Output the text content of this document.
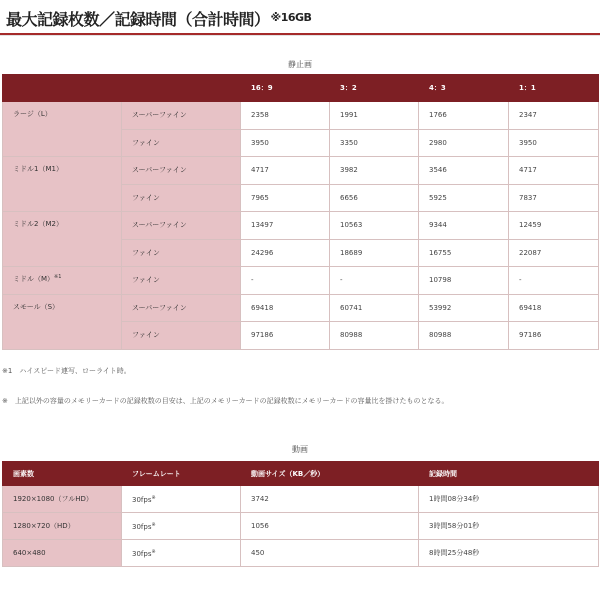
最大記録枚数／記録時間（合計時間）$^{※16GB}$
静止画
		16：9	3：2	4：3	1：1
ラージ（L）	スーパーファイン	2358	1991	1766	2347
	ファイン	3950	3350	2980	3950
ミドル1（M1）	スーパーファイン	4717	3982	3546	4717
	ファイン	7965	6656	5925	7837
ミドル2（M2）	スーパーファイン	13497	10563	9344	12459
	ファイン	24296	18689	16755	22087
ミドル$(M)^{※1}$	ファイン	-	-	10798	-
スモール（S）	スーパーファイン	69418	60741	53992	69418
	ファイン	97186	80988	80988	97186
※1　ハイスピード連写、ローライト時。
※　上記以外の容量のメモリーカードの記録枚数の目安は、上記のメモリーカードの記録枚数にメモリーカードの容量比を掛けたものとなる。
動画
画素数	フレームレート	動画サイズ（KB／秒）	記録時間
1920×1080（フルHD）	30fps※	3742	1時間08分34秒
1280×720（HD）	30fps※	1056	3時間58分01秒
640×480	30fps※	450	8時間25分48秒
